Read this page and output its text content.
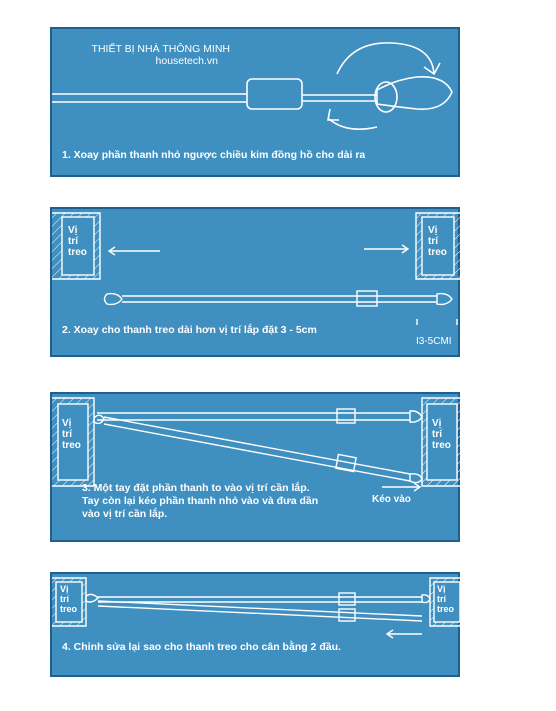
THIẾT BỊ NHÀ THÔNG MINH
housetech.vn
1. Xoay phần thanh nhỏ ngược chiều kim đồng hồ cho dài ra
Vị
trí
treo
Vị
trí
treo
2. Xoay cho thanh treo dài hơn vị trí lắp đặt 3 - 5cm
I3-5CMI
Vị
trí
treo
Vị
trí
treo
3. Một tay đặt phần thanh to vào vị trí cần lắp.
Tay còn lại kéo phần thanh nhỏ vào và đưa dần
vào vị trí cần lắp.
Kéo vào
Vị
trí
treo
Vị
trí
treo
4. Chỉnh sửa lại sao cho thanh treo cho cân bằng 2 đầu.
